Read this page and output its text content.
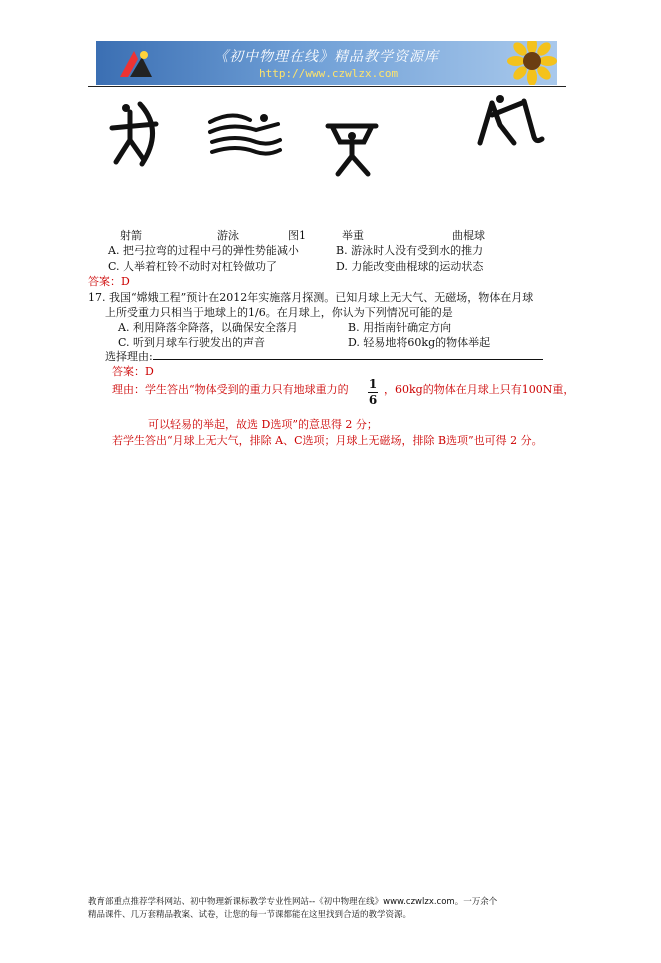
《初中物理在线》精品教学资源库
http://www.czwlzx.com
射箭	游泳	图1	举重	曲棍球
A. 把弓拉弯的过程中弓的弹性势能减小	B. 游泳时人没有受到水的推力
C. 人举着杠铃不动时对杠铃做功了	D. 力能改变曲棍球的运动状态
答案：D
17. 我国“嫦娥工程”预计在2012年实施落月探测。已知月球上无大气、无磁场，物体在月球
上所受重力只相当于地球上的1/6。在月球上，你认为下列情况可能的是
A. 利用降落伞降落，以确保安全落月	B. 用指南针确定方向
C. 听到月球车行驶发出的声音	D. 轻易地将60kg的物体举起
选择理由:
答案：D
理由：学生答出“物体受到的重力只有地球重力的 1
6
，60kg的物体在月球上只有100N重，
可以轻易的举起，故选 D选项”的意思得 2 分；
若学生答出“月球上无大气，排除 A、C选项；月球上无磁场，排除 B选项”也可得 2 分。
教育部重点推荐学科网站、初中物理新课标教学专业性网站--《初中物理在线》www.czwlzx.com。一万余个
精品课件、几万套精品教案、试卷，让您的每一节课都能在这里找到合适的教学资源。
